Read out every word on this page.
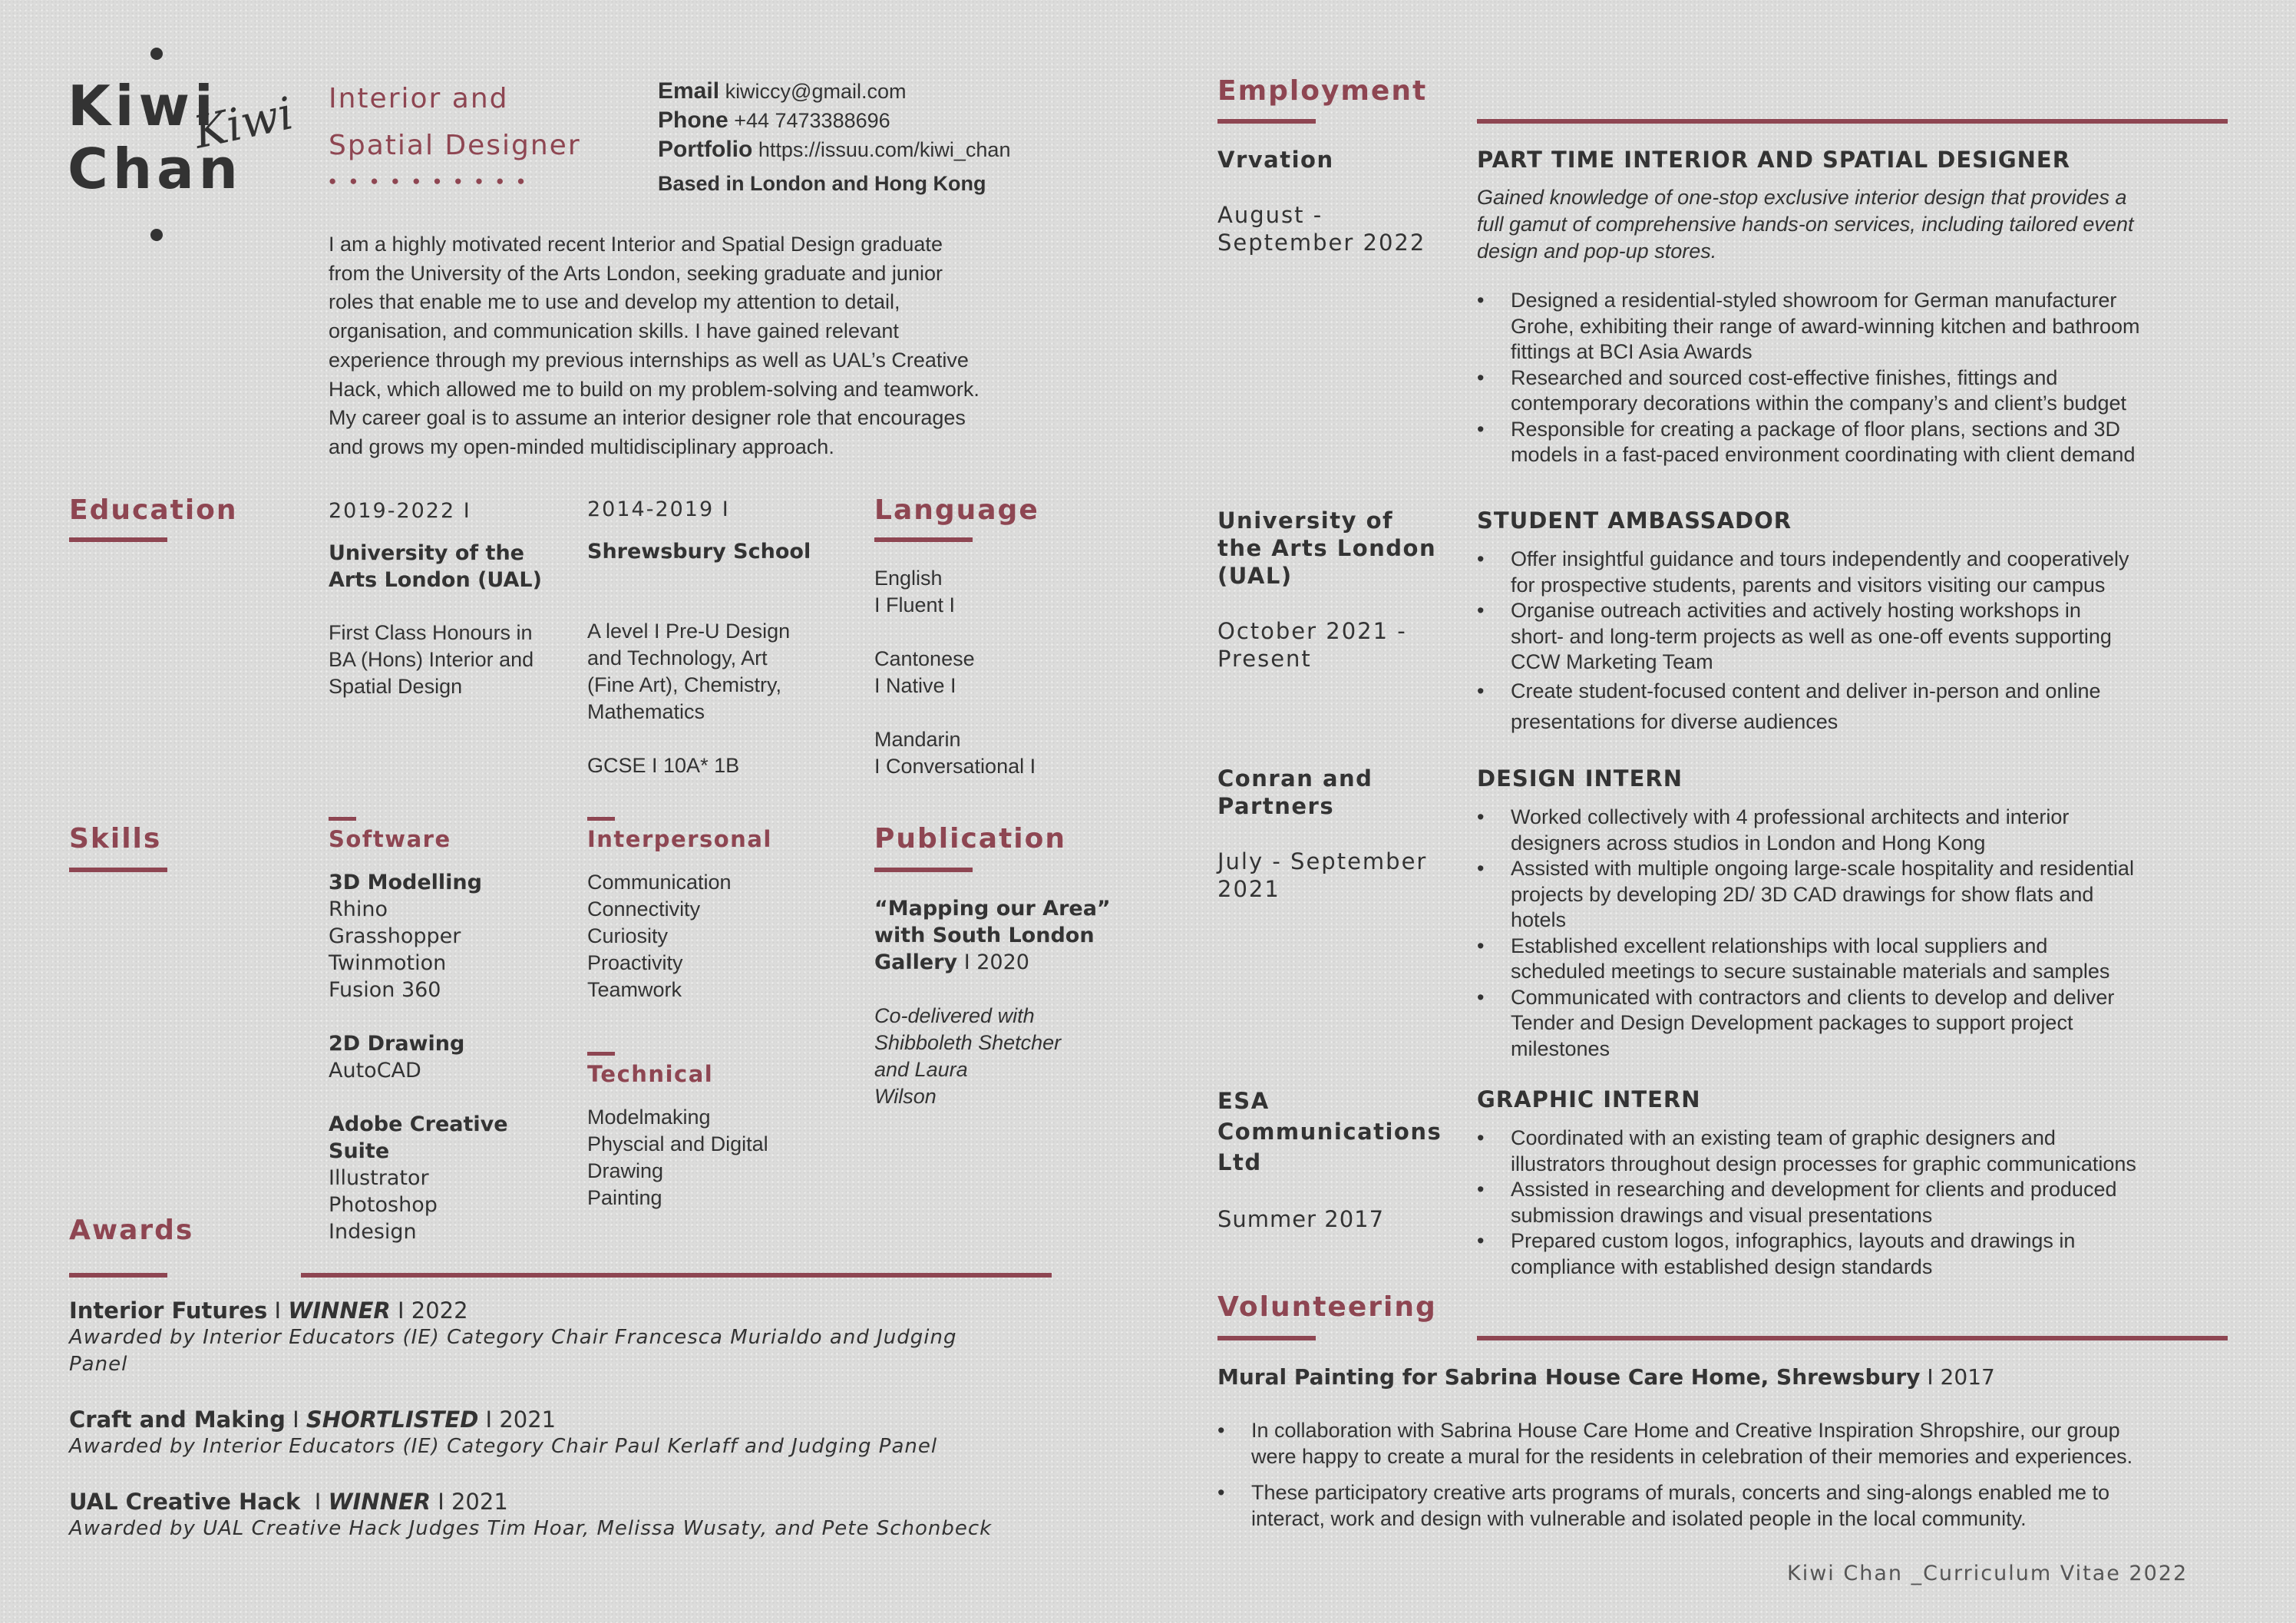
Kiwi
Chan
Kiwi Interior and
Spatial Designer
●●●●●●●●●●
Email kiwiccy@gmail.com
Phone +44 7473388696
Portfolio https://issuu.com/kiwi_chan
Based in London and Hong Kong
I am a highly motivated recent Interior and Spatial Design graduate
from the University of the Arts London, seeking graduate and junior
roles that enable me to use and develop my attention to detail,
organisation, and communication skills. I have gained relevant
experience through my previous internships as well as UAL’s Creative
Hack, which allowed me to build on my problem-solving and teamwork.
My career goal is to assume an interior designer role that encourages
and grows my open-minded multidisciplinary approach.
Education	2019-2022 I
University of the
Arts London (UAL)
First Class Honours in
BA (Hons) Interior and
Spatial Design
2014-2019 I
Shrewsbury School
A level I Pre-U Design
and Technology, Art
(Fine Art), Chemistry,
Mathematics
GCSE I 10A* 1B
Language
English
I Fluent I
Cantonese
I Native I
Mandarin
I Conversational I
Skills	Software
3D Modelling
Rhino
Grasshopper
Twinmotion
Fusion 360
2D Drawing
AutoCAD
Adobe Creative
Suite
Illustrator
Photoshop
Indesign
Interpersonal
Communication
Connectivity
Curiosity
Proactivity
Teamwork
Technical
Modelmaking
Physcial and Digital
Drawing
Painting
Publication
“Mapping our Area”
with South London
Gallery I 2020
Co-delivered with
Shibboleth Shetcher
and Laura
Wilson
Awards
Interior Futures I WINNER I 2022
Awarded by Interior Educators (IE) Category Chair Francesca Murialdo and Judging
Panel
Craft and Making I SHORTLISTED I 2021
Awarded by Interior Educators (IE) Category Chair Paul Kerlaff and Judging Panel
UAL Creative Hack  I WINNER I 2021
Awarded by UAL Creative Hack Judges Tim Hoar, Melissa Wusaty, and Pete Schonbeck
Employment
Vrvation
August -
September 2022
PART TIME INTERIOR AND SPATIAL DESIGNER
Gained knowledge of one-stop exclusive interior design that provides a
full gamut of comprehensive hands-on services, including tailored event
design and pop-up stores.
• Designed a residential-styled showroom for German manufacturer
Grohe, exhibiting their range of award-winning kitchen and bathroom
fittings at BCI Asia Awards
• Researched and sourced cost-effective finishes, fittings and
contemporary decorations within the company’s and client’s budget
• Responsible for creating a package of floor plans, sections and 3D
models in a fast-paced environment coordinating with client demand
University of
the Arts London
(UAL)
October 2021 -
Present
STUDENT AMBASSADOR
• Offer insightful guidance and tours independently and cooperatively
for prospective students, parents and visitors visiting our campus
• Organise outreach activities and actively hosting workshops in
short- and long-term projects as well as one-off events supporting
CCW Marketing Team
• Create student-focused content and deliver in-person and online
presentations for diverse audiences
Conran and
Partners
July - September
2021
DESIGN INTERN
• Worked collectively with 4 professional architects and interior
designers across studios in London and Hong Kong
• Assisted with multiple ongoing large-scale hospitality and residential
projects by developing 2D/ 3D CAD drawings for show flats and
hotels
• Established excellent relationships with local suppliers and
scheduled meetings to secure sustainable materials and samples
• Communicated with contractors and clients to develop and deliver
Tender and Design Development packages to support project
milestones
ESA
Communications
Ltd
Summer 2017
GRAPHIC INTERN
• Coordinated with an existing team of graphic designers and
illustrators throughout design processes for graphic communications
• Assisted in researching and development for clients and produced
submission drawings and visual presentations
• Prepared custom logos, infographics, layouts and drawings in
compliance with established design standards
Volunteering
Mural Painting for Sabrina House Care Home, Shrewsbury I 2017
• In collaboration with Sabrina House Care Home and Creative Inspiration Shropshire, our group
were happy to create a mural for the residents in celebration of their memories and experiences.
• These participatory creative arts programs of murals, concerts and sing-alongs enabled me to
interact, work and design with vulnerable and isolated people in the local community.
Kiwi Chan _Curriculum Vitae 2022
